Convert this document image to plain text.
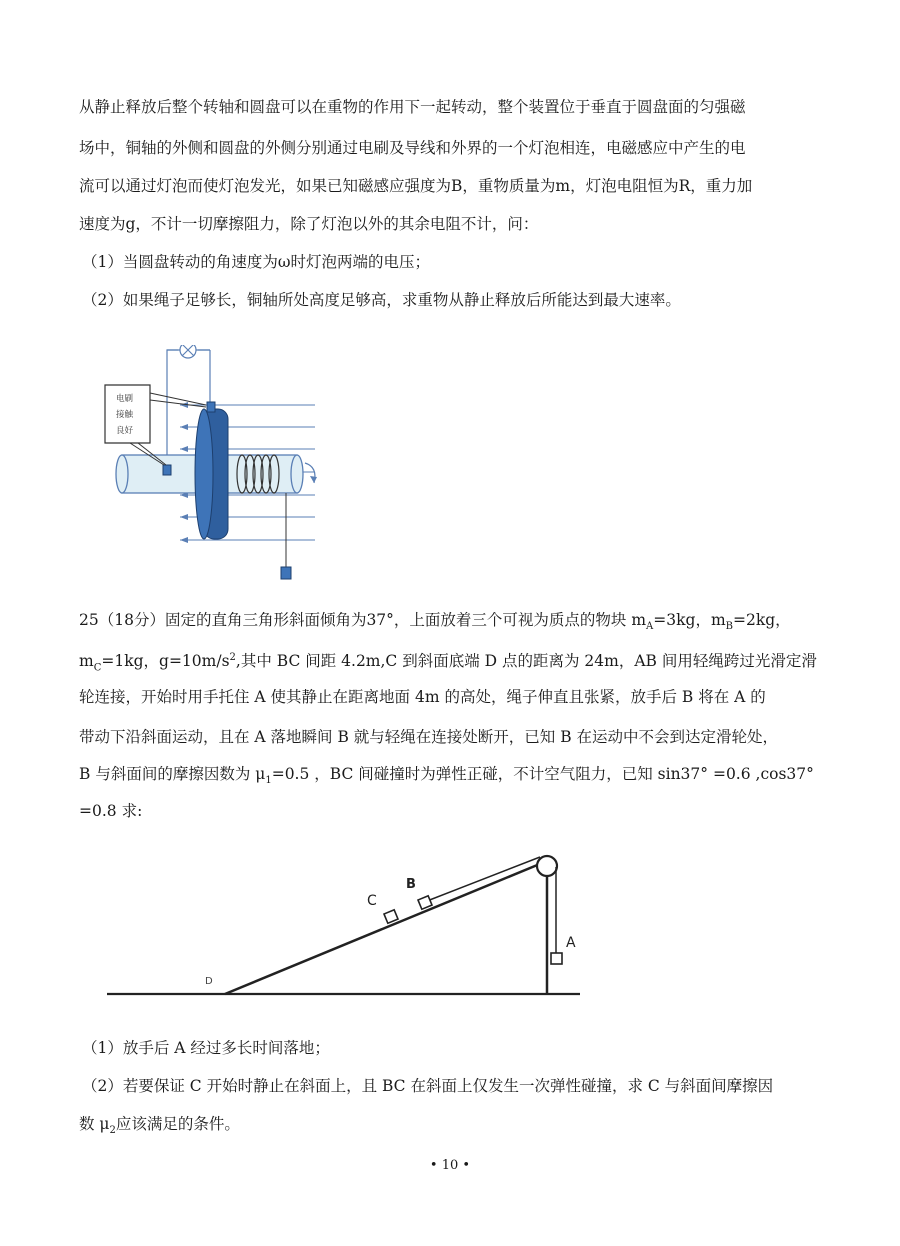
从静止释放后整个转轴和圆盘可以在重物的作用下一起转动，整个装置位于垂直于圆盘面的匀强磁
场中，铜轴的外侧和圆盘的外侧分别通过电刷及导线和外界的一个灯泡相连，电磁感应中产生的电
流可以通过灯泡而使灯泡发光，如果已知磁感应强度为B，重物质量为m，灯泡电阻恒为R，重力加
速度为g，不计一切摩擦阻力，除了灯泡以外的其余电阻不计，问：
（1）当圆盘转动的角速度为ω时灯泡两端的电压；
（2）如果绳子足够长，铜轴所处高度足够高，求重物从静止释放后所能达到最大速率。
电刷
接触
良好
25（18分）固定的直角三角形斜面倾角为37°，上面放着三个可视为质点的物块 $m_A=3kg$，$m_B=2kg$，
$m_C=1kg$，$g=10m/s^2$,其中 BC 间距 4.2m,C 到斜面底端 D 点的距离为 24m，AB 间用轻绳跨过光滑定滑
轮连接，开始时用手托住 A 使其静止在距离地面 4m 的高处，绳子伸直且张紧，放手后 B 将在 A 的
带动下沿斜面运动，且在 A 落地瞬间 B 就与轻绳在连接处断开，已知 B 在运动中不会到达定滑轮处，
B 与斜面间的摩擦因数为 $\mu_1=0.5$ ，BC 间碰撞时为弹性正碰，不计空气阻力，已知 sin37° =0.6 ,cos37°
=0.8 求:
C
B
A
D
（1）放手后 A 经过多长时间落地；
（2）若要保证 C 开始时静止在斜面上，且 BC 在斜面上仅发生一次弹性碰撞，求 C 与斜面间摩擦因
数 $\mu_2$应该满足的条件。
• 10 •
